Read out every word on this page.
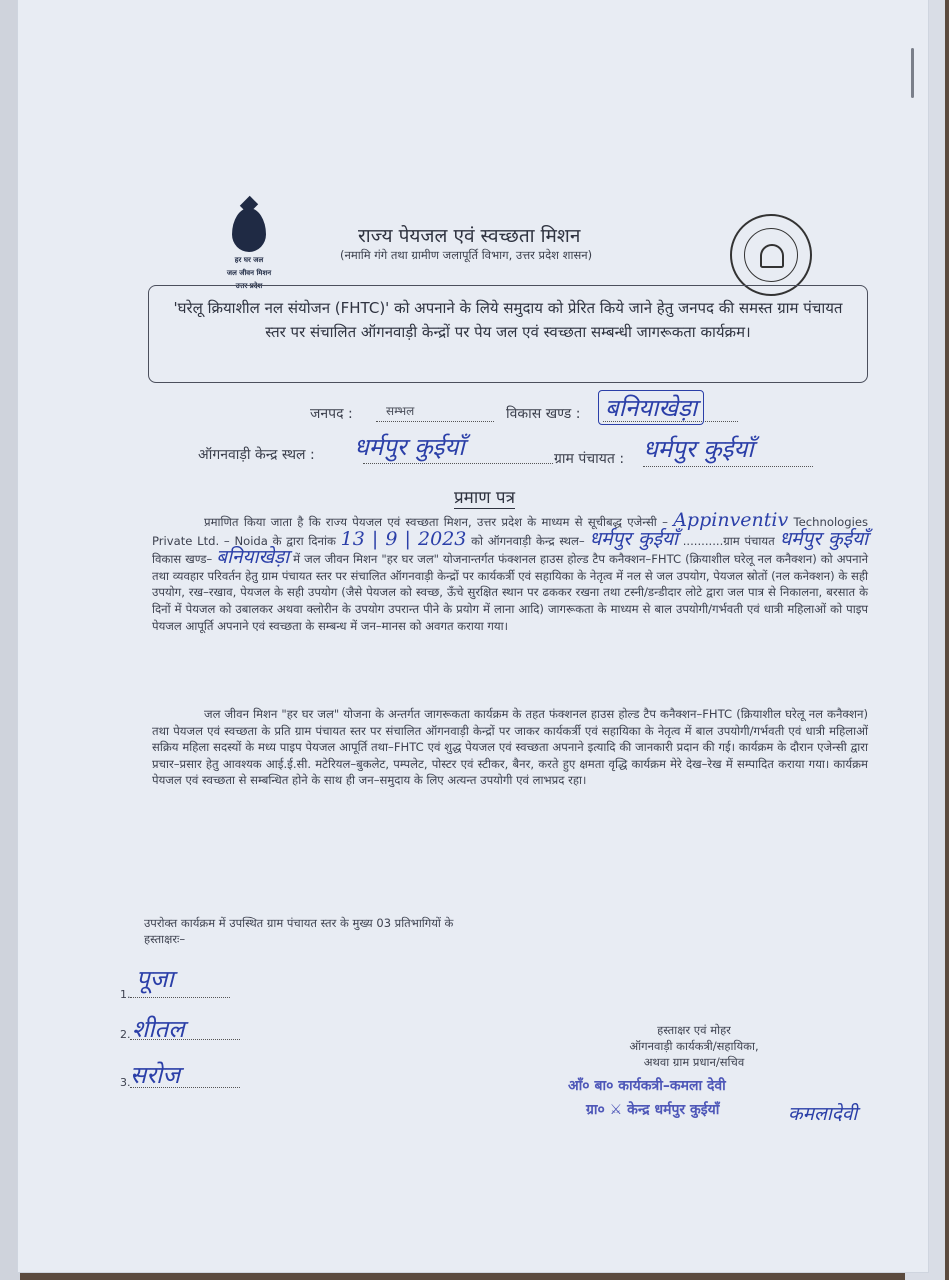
हर घर जल
जल जीवन मिशन
उत्तर प्रदेश
राज्य पेयजल एवं स्वच्छता मिशन
(नमामि गंगे तथा ग्रामीण जलापूर्ति विभाग, उत्तर प्रदेश शासन)
'घरेलू क्रियाशील नल संयोजन (FHTC)' को अपनाने के लिये समुदाय को प्रेरित किये जाने हेतु जनपद की समस्त ग्राम पंचायत स्तर पर संचालित ऑगनवाड़ी केन्द्रों पर पेय जल एवं स्वच्छता सम्बन्धी जागरूकता कार्यक्रम।
जनपद :	सम्भल	विकास खण्ड : बनियाखेड़ा
ऑगनवाड़ी केन्द्र स्थल : धर्मपुर कुईयाँ	ग्राम पंचायत : धर्मपुर कुईयाँ
प्रमाण पत्र

प्रमाणित किया जाता है कि राज्य पेयजल एवं स्वच्छता मिशन, उत्तर प्रदेश के माध्यम से सूचीबद्ध एजेन्सी – Appinventiv Technologies Private Ltd. – Noida के द्वारा दिनांक 13 | 9 | 2023 को ऑगनवाड़ी केन्द्र स्थल– धर्मपुर कुईयाँ ...........ग्राम पंचायत धर्मपुर कुईयाँ विकास खण्ड– बनियाखेड़ा में जल जीवन मिशन "हर घर जल" योजनान्तर्गत फंक्शनल हाउस होल्ड टैप कनैक्शन–FHTC (क्रियाशील घरेलू नल कनैक्शन) को अपनाने तथा व्यवहार परिवर्तन हेतु ग्राम पंचायत स्तर पर संचालित ऑगनवाड़ी केन्द्रों पर कार्यकर्त्री एवं सहायिका के नेतृत्व में नल से जल उपयोग, पेयजल स्रोतों (नल कनेक्शन) के सही उपयोग, रख–रखाव, पेयजल के सही उपयोग (जैसे पेयजल को स्वच्छ, ऊँचे सुरक्षित स्थान पर ढककर रखना तथा टस्नी/डन्डीदार लोटे द्वारा जल पात्र से निकालना, बरसात के दिनों में पेयजल को उबालकर अथवा क्लोरीन के उपयोग उपरान्त पीने के प्रयोग में लाना आदि) जागरूकता के माध्यम से बाल उपयोगी/गर्भवती एवं धात्री महिलाओं को पाइप पेयजल आपूर्ति अपनाने एवं स्वच्छता के सम्बन्ध में जन–मानस को अवगत कराया गया।

जल जीवन मिशन "हर घर जल" योजना के अन्तर्गत जागरूकता कार्यक्रम के तहत फंक्शनल हाउस होल्ड टैप कनैक्शन–FHTC (क्रियाशील घरेलू नल कनैक्शन) तथा पेयजल एवं स्वच्छता के प्रति ग्राम पंचायत स्तर पर संचालित ऑगनवाड़ी केन्द्रों पर जाकर कार्यकर्त्री एवं सहायिका के नेतृत्व में बाल उपयोगी/गर्भवती एवं धात्री महिलाओं सक्रिय महिला सदस्यों के मध्य पाइप पेयजल आपूर्ति तथा–FHTC एवं शुद्ध पेयजल एवं स्वच्छता अपनाने इत्यादि की जानकारी प्रदान की गई। कार्यक्रम के दौरान एजेन्सी द्वारा प्रचार–प्रसार हेतु आवश्यक आई.ई.सी. मटेरियल–बुकलेट, पम्पलेट, पोस्टर एवं स्टीकर, बैनर, करते हुए क्षमता वृद्धि कार्यक्रम मेरे देख–रेख में सम्पादित कराया गया। कार्यक्रम पेयजल एवं स्वच्छता से सम्बन्धित होने के साथ ही जन–समुदाय के लिए अत्यन्त उपयोगी एवं लाभप्रद रहा।

उपरोक्त कार्यक्रम में उपस्थित ग्राम पंचायत स्तर के मुख्य 03 प्रतिभागियों के
हस्ताक्षरः–
1.
पूजा
2. शीतल
3. सरोज
हस्ताक्षर एवं मोहर
ऑगनवाड़ी कार्यकत्री/सहायिका,
अथवा ग्राम प्रधान/सचिव
आँ० बा० कार्यकत्री–कमला देवी
ग्रा० ⚔ केन्द्र धर्मपुर कुईयाँ	कमलादेवी
